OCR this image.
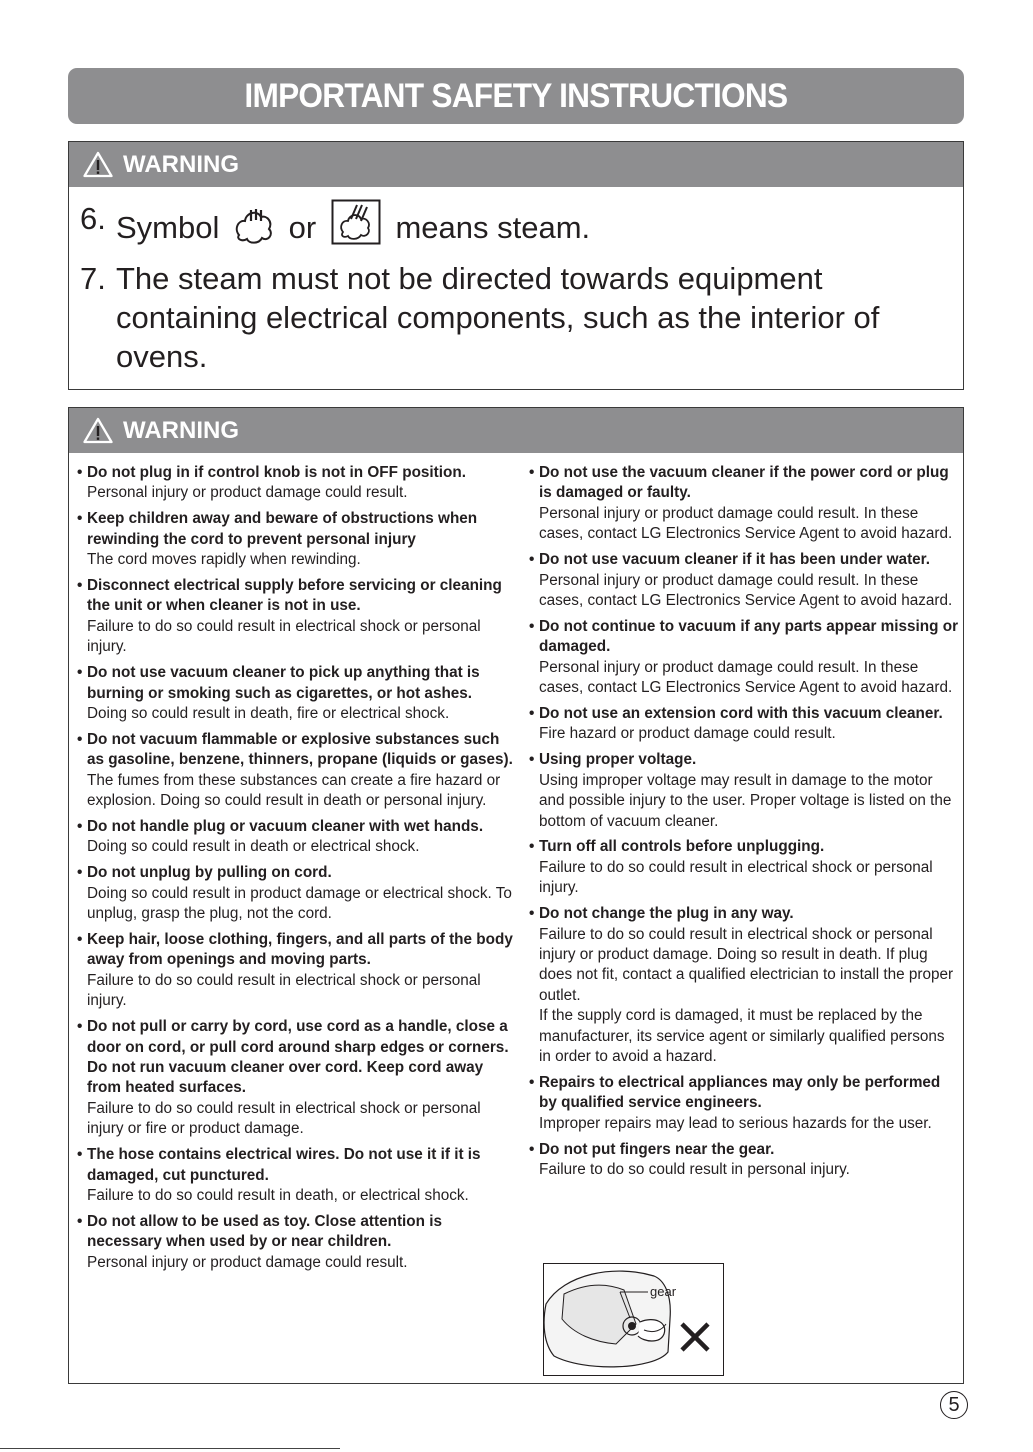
IMPORTANT SAFETY INSTRUCTIONS
WARNING
6. Symbol or	means steam.
7. The steam must not be directed towards equipment containing electrical components, such as the interior of ovens.
WARNING
• Do not plug in if control knob is not in OFF position.
Personal injury or product damage could result.
• Keep children away and beware of obstructions when rewinding the cord to prevent personal injury
The cord moves rapidly when rewinding.
• Disconnect electrical supply before servicing or cleaning the unit or when cleaner is not in use.
Failure to do so could result in electrical shock or personal injury.
• Do not use vacuum cleaner to pick up anything that is burning or smoking such as cigarettes, or hot ashes.
Doing so could result in death, fire or electrical shock.
• Do not vacuum flammable or explosive substances such as gasoline, benzene, thinners, propane (liquids or gases).
The fumes from these substances can create a fire hazard or explosion. Doing so could result in death or personal injury.
• Do not handle plug or vacuum cleaner with wet hands.
Doing so could result in death or electrical shock.
• Do not unplug by pulling on cord.
Doing so could result in product damage or electrical shock. To unplug, grasp the plug, not the cord.
• Keep hair, loose clothing, fingers, and all parts of the body away from openings and moving parts.
Failure to do so could result in electrical shock or personal injury.
• Do not pull or carry by cord, use cord as a handle, close a door on cord, or pull cord around sharp edges or corners. Do not run vacuum cleaner over cord. Keep cord away from heated surfaces.
Failure to do so could result in electrical shock or personal injury or fire or product damage.
• The hose contains electrical wires. Do not use it if it is damaged, cut punctured.
Failure to do so could result in death, or electrical shock.
• Do not allow to be used as toy. Close attention is necessary when used by or near children.
Personal injury or product damage could result.
• Do not use the vacuum cleaner if the power cord or plug is damaged or faulty.
Personal injury or product damage could result. In these cases, contact LG Electronics Service Agent to avoid hazard.
• Do not use vacuum cleaner if it has been under water.
Personal injury or product damage could result. In these cases, contact LG Electronics Service Agent to avoid hazard.
• Do not continue to vacuum if any parts appear missing or damaged.
Personal injury or product damage could result. In these cases, contact LG Electronics Service Agent to avoid hazard.
• Do not use an extension cord with this vacuum cleaner.
Fire hazard or product damage could result.
• Using proper voltage.
Using improper voltage may result in damage to the motor and possible injury to the user. Proper voltage is listed on the bottom of vacuum cleaner.
• Turn off all controls before unplugging.
Failure to do so could result in electrical shock or personal injury.
• Do not change the plug in any way.
Failure to do so could result in electrical shock or personal injury or product damage. Doing so result in death. If plug does not fit, contact a qualified electrician to install the proper outlet.
If the supply cord is damaged, it must be replaced by the manufacturer, its service agent or similarly qualified persons in order to avoid a hazard.
• Repairs to electrical appliances may only be performed by qualified service engineers.
Improper repairs may lead to serious hazards for the user.
• Do not put fingers near the gear.
Failure to do so could result in personal injury.
gear
5
